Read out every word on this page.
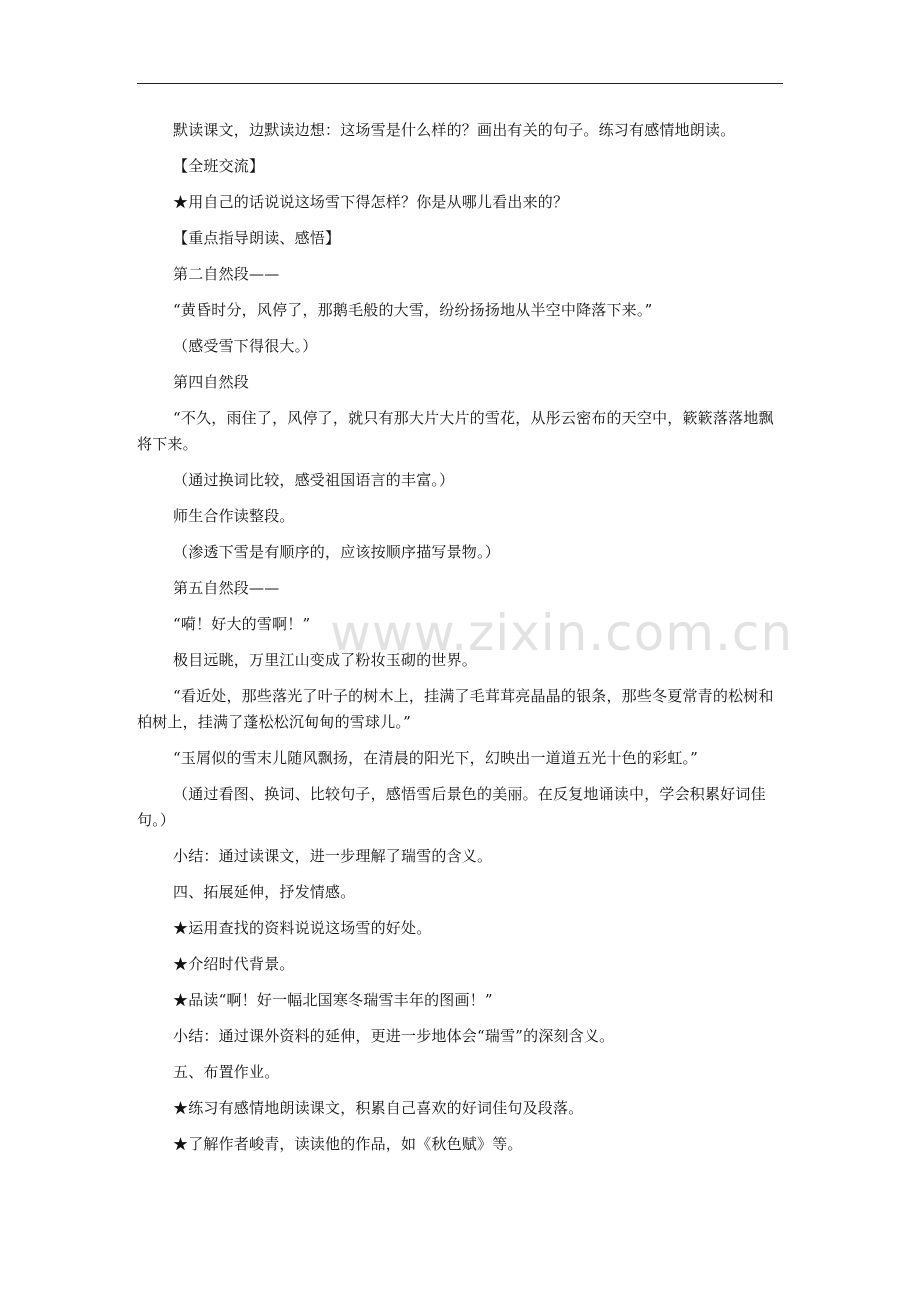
默读课文，边默读边想：这场雪是什么样的？画出有关的句子。练习有感情地朗读。

【全班交流】

★用自己的话说说这场雪下得怎样？你是从哪儿看出来的？

【重点指导朗读、感悟】

第二自然段——

“黄昏时分，风停了，那鹅毛般的大雪，纷纷扬扬地从半空中降落下来。”

（感受雪下得很大。）

第四自然段

“不久，雨住了，风停了，就只有那大片大片的雪花，从彤云密布的天空中，簌簌落落地飘将下来。

（通过换词比较，感受祖国语言的丰富。）

师生合作读整段。

（渗透下雪是有顺序的，应该按顺序描写景物。）

第五自然段——

“嗬！好大的雪啊！”

极目远眺，万里江山变成了粉妆玉砌的世界。

“看近处，那些落光了叶子的树木上，挂满了毛茸茸亮晶晶的银条，那些冬夏常青的松树和柏树上，挂满了蓬松松沉甸甸的雪球儿。”

“玉屑似的雪末儿随风飘扬，在清晨的阳光下，幻映出一道道五光十色的彩虹。”

（通过看图、换词、比较句子，感悟雪后景色的美丽。在反复地诵读中，学会积累好词佳句。）

小结：通过读课文，进一步理解了瑞雪的含义。

四、拓展延伸，抒发情感。

★运用查找的资料说说这场雪的好处。

★介绍时代背景。

★品读“啊！好一幅北国寒冬瑞雪丰年的图画！”

小结：通过课外资料的延伸，更进一步地体会“瑞雪”的深刻含义。

五、布置作业。

★练习有感情地朗读课文，积累自己喜欢的好词佳句及段落。

★了解作者峻青，读读他的作品，如《秋色赋》等。

www.zixin.com.cn
